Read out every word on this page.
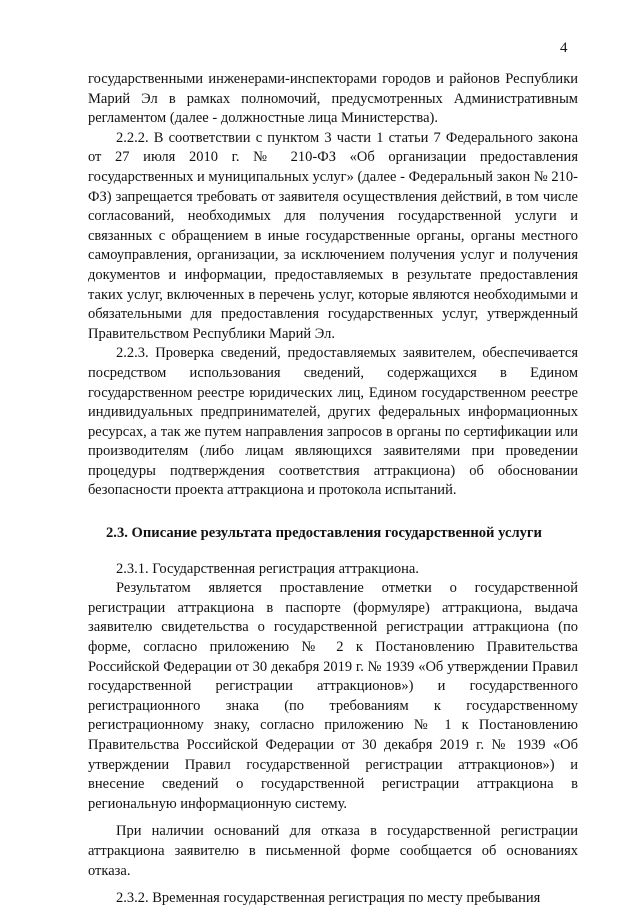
4

государственными инженерами-инспекторами городов и районов Республики Марий Эл в рамках полномочий, предусмотренных Административным регламентом (далее - должностные лица Министерства).

2.2.2. В соответствии с пунктом 3 части 1 статьи 7 Федерального закона от 27 июля 2010 г. № 210-ФЗ «Об организации предоставления государственных и муниципальных услуг» (далее - Федеральный закон № 210-ФЗ) запрещается требовать от заявителя осуществления действий, в том числе согласований, необходимых для получения государственной услуги и связанных с обращением в иные государственные органы, органы местного самоуправления, организации, за исключением получения услуг и получения документов и информации, предоставляемых в результате предоставления таких услуг, включенных в перечень услуг, которые являются необходимыми и обязательными для предоставления государственных услуг, утвержденный Правительством Республики Марий Эл.

2.2.3. Проверка сведений, предоставляемых заявителем, обеспечивается посредством использования сведений, содержащихся в Едином государственном реестре юридических лиц, Едином государственном реестре индивидуальных предпринимателей, других федеральных информационных ресурсах, а так же путем направления запросов в органы по сертификации или производителям (либо лицам являющихся заявителями при проведении процедуры подтверждения соответствия аттракциона) об обосновании безопасности проекта аттракциона и протокола испытаний.

2.3. Описание результата предоставления государственной услуги

2.3.1. Государственная регистрация аттракциона.

Результатом является проставление отметки о государственной регистрации аттракциона в паспорте (формуляре) аттракциона, выдача заявителю свидетельства о государственной регистрации аттракциона (по форме, согласно приложению № 2 к Постановлению Правительства Российской Федерации от 30 декабря 2019 г. № 1939 «Об утверждении Правил государственной регистрации аттракционов») и государственного регистрационного знака (по требованиям к государственному регистрационному знаку, согласно приложению № 1 к Постановлению Правительства Российской Федерации от 30 декабря 2019 г. № 1939 «Об утверждении Правил государственной регистрации аттракционов») и внесение сведений о государственной регистрации аттракциона в региональную информационную систему.

При наличии оснований для отказа в государственной регистрации аттракциона заявителю в письменной форме сообщается об основаниях отказа.

2.3.2. Временная государственная регистрация по месту пребывания
